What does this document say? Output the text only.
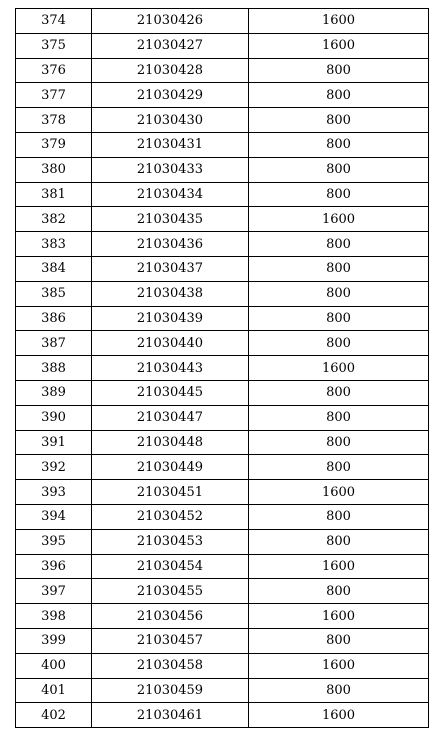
374	21030426	1600
375	21030427	1600
376	21030428	800
377	21030429	800
378	21030430	800
379	21030431	800
380	21030433	800
381	21030434	800
382	21030435	1600
383	21030436	800
384	21030437	800
385	21030438	800
386	21030439	800
387	21030440	800
388	21030443	1600
389	21030445	800
390	21030447	800
391	21030448	800
392	21030449	800
393	21030451	1600
394	21030452	800
395	21030453	800
396	21030454	1600
397	21030455	800
398	21030456	1600
399	21030457	800
400	21030458	1600
401	21030459	800
402	21030461	1600
